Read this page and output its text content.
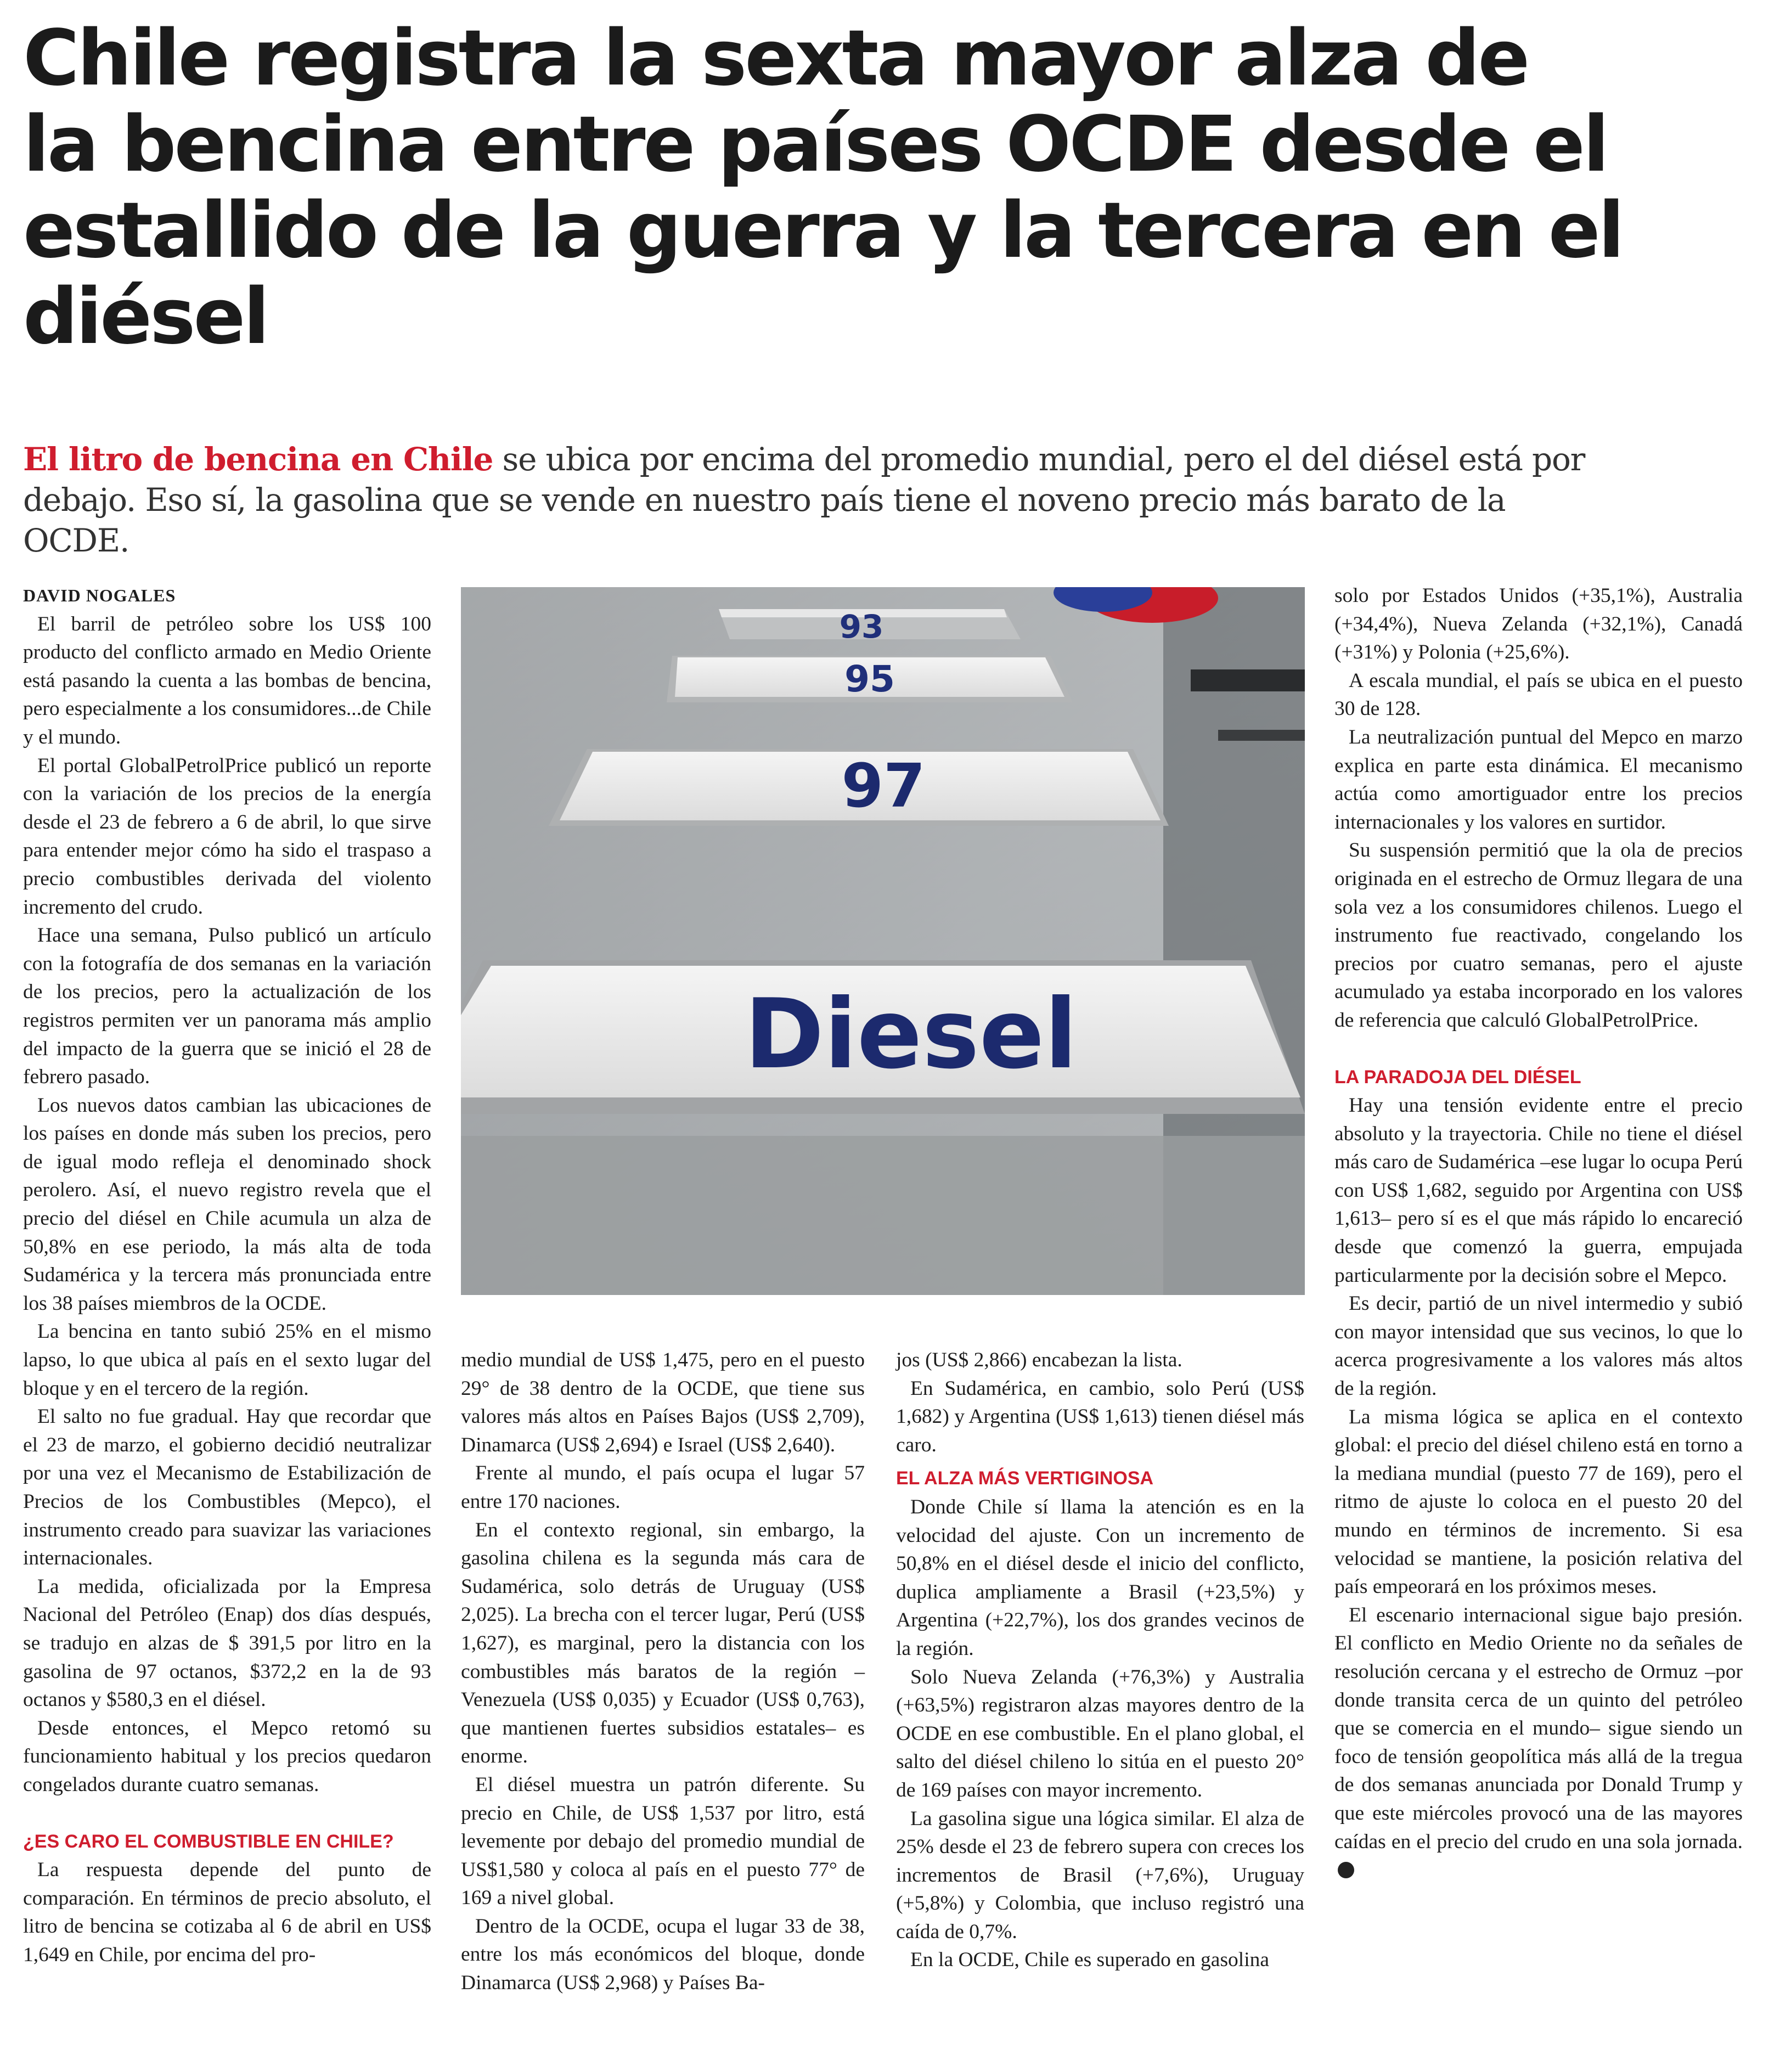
Chile registra la sexta mayor alza de la bencina entre países OCDE desde el estallido de la guerra y la tercera en el diésel

El litro de bencina en Chile se ubica por encima del promedio mundial, pero el del diésel está por debajo. Eso sí, la gasolina que se vende en nuestro país tiene el noveno precio más barato de la OCDE.

DAVID NOGALES

El barril de petróleo sobre los US$ 100 producto del conflicto armado en Medio Oriente está pasando la cuenta a las bombas de bencina, pero especialmente a los consumidores...de Chile y el mundo.

El portal GlobalPetrolPrice publicó un reporte con la variación de los precios de la energía desde el 23 de febrero a 6 de abril, lo que sirve para entender mejor cómo ha sido el traspaso a precio combustibles derivada del violento incremento del crudo.

Hace una semana, Pulso publicó un artículo con la fotografía de dos semanas en la variación de los precios, pero la actualización de los registros permiten ver un panorama más amplio del impacto de la guerra que se inició el 28 de febrero pasado.

Los nuevos datos cambian las ubicaciones de los países en donde más suben los precios, pero de igual modo refleja el denominado shock perolero. Así, el nuevo registro revela que el precio del diésel en Chile acumula un alza de 50,8% en ese periodo, la más alta de toda Sudamérica y la tercera más pronunciada entre los 38 países miembros de la OCDE.

La bencina en tanto subió 25% en el mismo lapso, lo que ubica al país en el sexto lugar del bloque y en el tercero de la región.

El salto no fue gradual. Hay que recordar que el 23 de marzo, el gobierno decidió neutralizar por una vez el Mecanismo de Estabilización de Precios de los Combustibles (Mepco), el instrumento creado para suavizar las variaciones internacionales.

La medida, oficializada por la Empresa Nacional del Petróleo (Enap) dos días después, se tradujo en alzas de $ 391,5 por litro en la gasolina de 97 octanos, $372,2 en la de 93 octanos y $580,3 en el diésel.

Desde entonces, el Mepco retomó su funcionamiento habitual y los precios quedaron congelados durante cuatro semanas.

¿ES CARO EL COMBUSTIBLE EN CHILE?

La respuesta depende del punto de comparación. En términos de precio absoluto, el litro de bencina se cotizaba al 6 de abril en US$ 1,649 en Chile, por encima del pro-

93
95
97
Diesel

medio mundial de US$ 1,475, pero en el puesto 29° de 38 dentro de la OCDE, que tiene sus valores más altos en Países Bajos (US$ 2,709), Dinamarca (US$ 2,694) e Israel (US$ 2,640).

Frente al mundo, el país ocupa el lugar 57 entre 170 naciones.

En el contexto regional, sin embargo, la gasolina chilena es la segunda más cara de Sudamérica, solo detrás de Uruguay (US$ 2,025). La brecha con el tercer lugar, Perú (US$ 1,627), es marginal, pero la distancia con los combustibles más baratos de la región –Venezuela (US$ 0,035) y Ecuador (US$ 0,763), que mantienen fuertes subsidios estatales– es enorme.

El diésel muestra un patrón diferente. Su precio en Chile, de US$ 1,537 por litro, está levemente por debajo del promedio mundial de US$1,580 y coloca al país en el puesto 77° de 169 a nivel global.

Dentro de la OCDE, ocupa el lugar 33 de 38, entre los más económicos del bloque, donde Dinamarca (US$ 2,968) y Países Ba-

jos (US$ 2,866) encabezan la lista.

En Sudamérica, en cambio, solo Perú (US$ 1,682) y Argentina (US$ 1,613) tienen diésel más caro.

EL ALZA MÁS VERTIGINOSA

Donde Chile sí llama la atención es en la velocidad del ajuste. Con un incremento de 50,8% en el diésel desde el inicio del conflicto, duplica ampliamente a Brasil (+23,5%) y Argentina (+22,7%), los dos grandes vecinos de la región.

Solo Nueva Zelanda (+76,3%) y Australia (+63,5%) registraron alzas mayores dentro de la OCDE en ese combustible. En el plano global, el salto del diésel chileno lo sitúa en el puesto 20° de 169 países con mayor incremento.

La gasolina sigue una lógica similar. El alza de 25% desde el 23 de febrero supera con creces los incrementos de Brasil (+7,6%), Uruguay (+5,8%) y Colombia, que incluso registró una caída de 0,7%.

En la OCDE, Chile es superado en gasolina

solo por Estados Unidos (+35,1%), Australia (+34,4%), Nueva Zelanda (+32,1%), Canadá (+31%) y Polonia (+25,6%).

A escala mundial, el país se ubica en el puesto 30 de 128.

La neutralización puntual del Mepco en marzo explica en parte esta dinámica. El mecanismo actúa como amortiguador entre los precios internacionales y los valores en surtidor.

Su suspensión permitió que la ola de precios originada en el estrecho de Ormuz llegara de una sola vez a los consumidores chilenos. Luego el instrumento fue reactivado, congelando los precios por cuatro semanas, pero el ajuste acumulado ya estaba incorporado en los valores de referencia que calculó GlobalPetrolPrice.

LA PARADOJA DEL DIÉSEL

Hay una tensión evidente entre el precio absoluto y la trayectoria. Chile no tiene el diésel más caro de Sudamérica –ese lugar lo ocupa Perú con US$ 1,682, seguido por Argentina con US$ 1,613– pero sí es el que más rápido lo encareció desde que comenzó la guerra, empujada particularmente por la decisión sobre el Mepco.

Es decir, partió de un nivel intermedio y subió con mayor intensidad que sus vecinos, lo que lo acerca progresivamente a los valores más altos de la región.

La misma lógica se aplica en el contexto global: el precio del diésel chileno está en torno a la mediana mundial (puesto 77 de 169), pero el ritmo de ajuste lo coloca en el puesto 20 del mundo en términos de incremento. Si esa velocidad se mantiene, la posición relativa del país empeorará en los próximos meses.

El escenario internacional sigue bajo presión. El conflicto en Medio Oriente no da señales de resolución cercana y el estrecho de Ormuz –por donde transita cerca de un quinto del petróleo que se comercia en el mundo– sigue siendo un foco de tensión geopolítica más allá de la tregua de dos semanas anunciada por Donald Trump y que este miércoles provocó una de las mayores caídas en el precio del crudo en una sola jornada.
